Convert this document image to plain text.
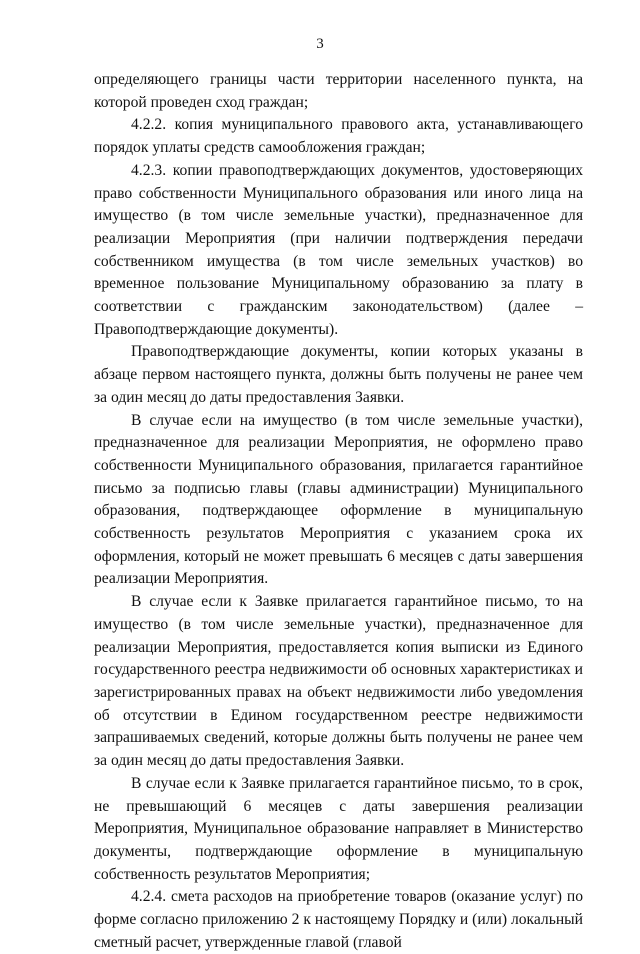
3

определяющего границы части территории населенного пункта, на которой проведен сход граждан;

4.2.2. копия муниципального правового акта, устанавливающего порядок уплаты средств самообложения граждан;

4.2.3. копии правоподтверждающих документов, удостоверяющих право собственности Муниципального образования или иного лица на имущество (в том числе земельные участки), предназначенное для реализации Мероприятия (при наличии подтверждения передачи собственником имущества (в том числе земельных участков) во временное пользование Муниципальному образованию за плату в соответствии с гражданским законодательством) (далее – Правоподтверждающие документы).

Правоподтверждающие документы, копии которых указаны в абзаце первом настоящего пункта, должны быть получены не ранее чем за один месяц до даты предоставления Заявки.

В случае если на имущество (в том числе земельные участки), предназначенное для реализации Мероприятия, не оформлено право собственности Муниципального образования, прилагается гарантийное письмо за подписью главы (главы администрации) Муниципального образования, подтверждающее оформление в муниципальную собственность результатов Мероприятия с указанием срока их оформления, который не может превышать 6 месяцев с даты завершения реализации Мероприятия.

В случае если к Заявке прилагается гарантийное письмо, то на имущество (в том числе земельные участки), предназначенное для реализации Мероприятия, предоставляется копия выписки из Единого государственного реестра недвижимости об основных характеристиках и зарегистрированных правах на объект недвижимости либо уведомления об отсутствии в Едином государственном реестре недвижимости запрашиваемых сведений, которые должны быть получены не ранее чем за один месяц до даты предоставления Заявки.

В случае если к Заявке прилагается гарантийное письмо, то в срок, не превышающий 6 месяцев с даты завершения реализации Мероприятия, Муниципальное образование направляет в Министерство документы, подтверждающие оформление в муниципальную собственность результатов Мероприятия;

4.2.4. смета расходов на приобретение товаров (оказание услуг) по форме согласно приложению 2 к настоящему Порядку и (или) локальный сметный расчет, утвержденные главой (главой
